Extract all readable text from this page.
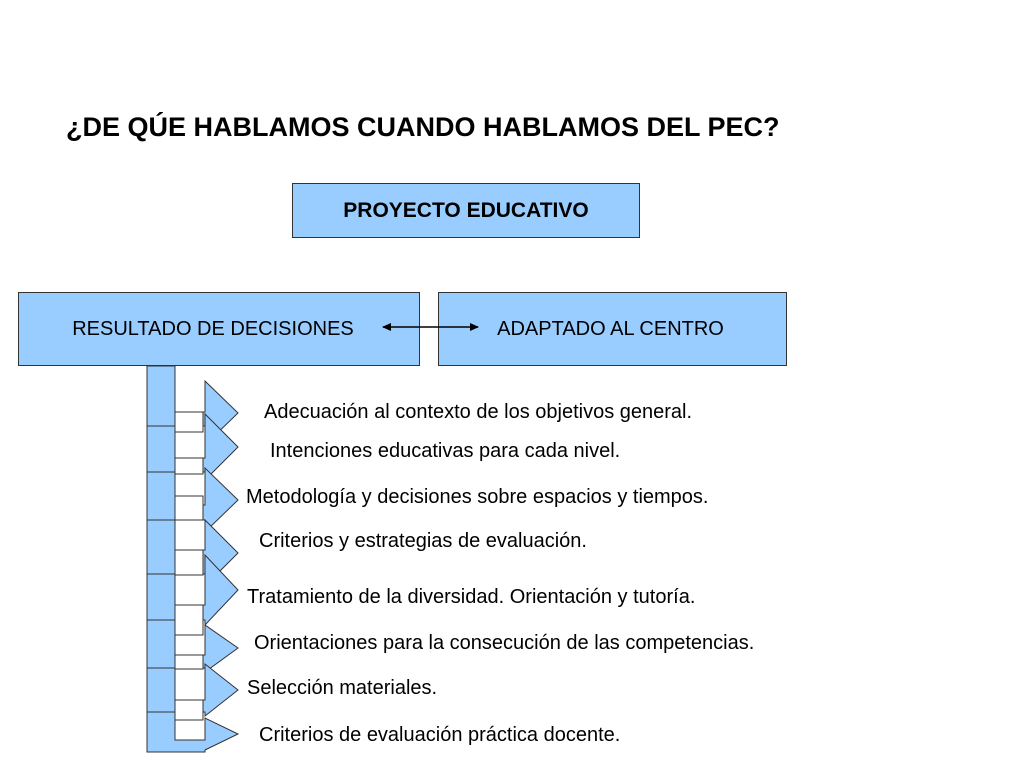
¿DE QÚE HABLAMOS CUANDO HABLAMOS DEL PEC?
PROYECTO EDUCATIVO
RESULTADO DE DECISIONES	ADAPTADO AL CENTRO
Adecuación al contexto de los objetivos general.
Intenciones educativas para cada nivel.
Metodología y decisiones sobre espacios y tiempos.
Criterios y estrategias de evaluación.
Tratamiento de la diversidad. Orientación y tutoría.
Orientaciones para la consecución de las competencias.
Selección materiales.
Criterios de evaluación práctica docente.
